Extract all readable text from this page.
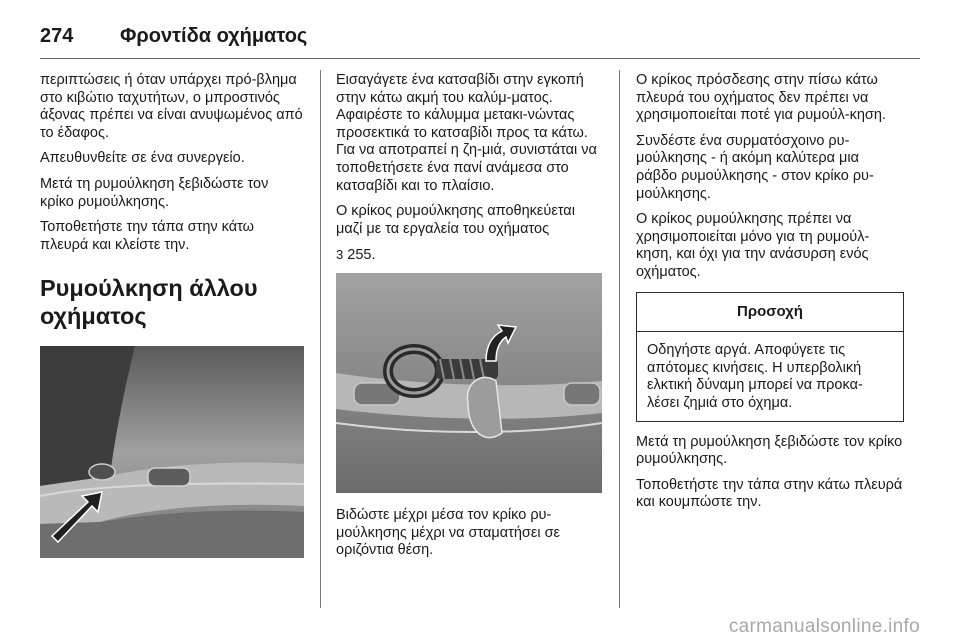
274	Φροντίδα οχήματος

περιπτώσεις ή όταν υπάρχει πρό-βλημα στο κιβώτιο ταχυτήτων, ο μπροστινός άξονας πρέπει να είναι ανυψωμένος από το έδαφος.

Απευθυνθείτε σε ένα συνεργείο.

Μετά τη ρυμούλκηση ξεβιδώστε τον κρίκο ρυμούλκησης.

Τοποθετήστε την τάπα στην κάτω πλευρά και κλείστε την.

Ρυμούλκηση άλλου οχήματος

Εισαγάγετε ένα κατσαβίδι στην εγκοπή στην κάτω ακμή του καλύμ-ματος. Αφαιρέστε το κάλυμμα μετακι-νώντας προσεκτικά το κατσαβίδι προς τα κάτω. Για να αποτραπεί η ζη-μιά, συνιστάται να τοποθετήσετε ένα πανί ανάμεσα στο κατσαβίδι και το πλαίσιο.

Ο κρίκος ρυμούλκησης αποθηκεύεται μαζί με τα εργαλεία του οχήματος

3 255.

Βιδώστε μέχρι μέσα τον κρίκο ρυ-μούλκησης μέχρι να σταματήσει σε οριζόντια θέση.

Ο κρίκος πρόσδεσης στην πίσω κάτω πλευρά του οχήματος δεν πρέπει να χρησιμοποιείται ποτέ για ρυμούλ-κηση.

Συνδέστε ένα συρματόσχοινο ρυ-μούλκησης - ή ακόμη καλύτερα μια ράβδο ρυμούλκησης - στον κρίκο ρυ-μούλκησης.

Ο κρίκος ρυμούλκησης πρέπει να χρησιμοποιείται μόνο για τη ρυμούλ-κηση, και όχι για την ανάσυρση ενός οχήματος.

Προσοχή
Οδηγήστε αργά. Αποφύγετε τις απότομες κινήσεις. Η υπερβολική ελκτική δύναμη μπορεί να προκα-λέσει ζημιά στο όχημα.

Μετά τη ρυμούλκηση ξεβιδώστε τον κρίκο ρυμούλκησης.

Τοποθετήστε την τάπα στην κάτω πλευρά και κουμπώστε την.

carmanualsonline.info
